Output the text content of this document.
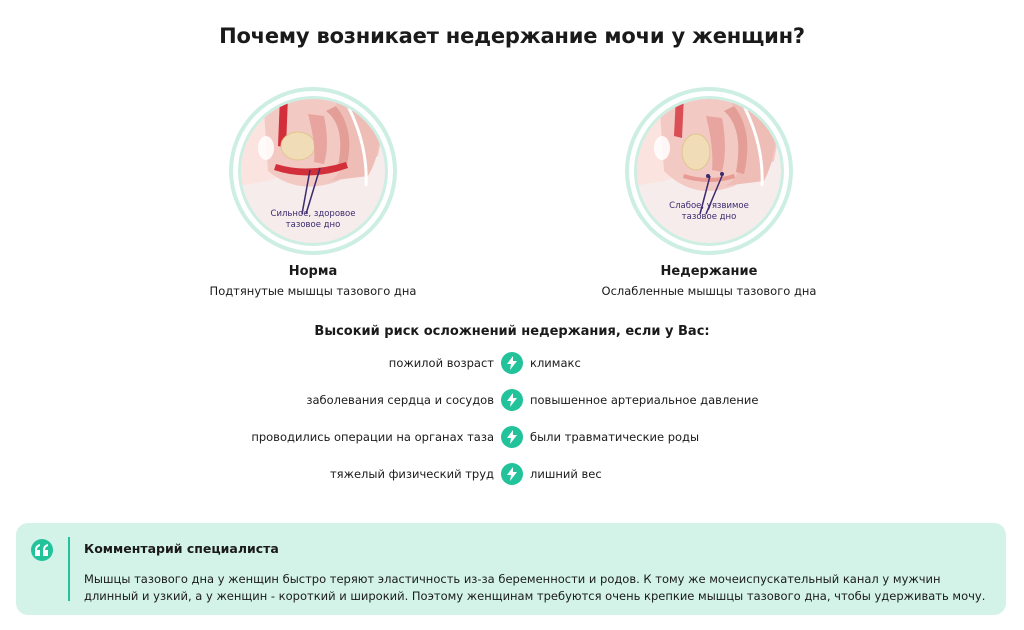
Почему возникает недержание мочи у женщин?
Сильное, здоровое
тазовое дно
Норма
Подтянутые мышцы тазового дна
Слабое, уязвимое
тазовое дно
Недержание
Ослабленные мышцы тазового дна
Высокий риск осложнений недержания, если у Вас:
пожилой возраст	климакс
заболевания сердца и сосудов	повышенное артериальное давление
проводились операции на органах таза	были травматические роды
тяжелый физический труд	лишний вес
Комментарий специалиста
Мышцы тазового дна у женщин быстро теряют эластичность из-за беременности и родов. К тому же мочеиспускательный канал у мужчин длинный и узкий, а у женщин - короткий и широкий. Поэтому женщинам требуются очень крепкие мышцы тазового дна, чтобы удерживать мочу.
